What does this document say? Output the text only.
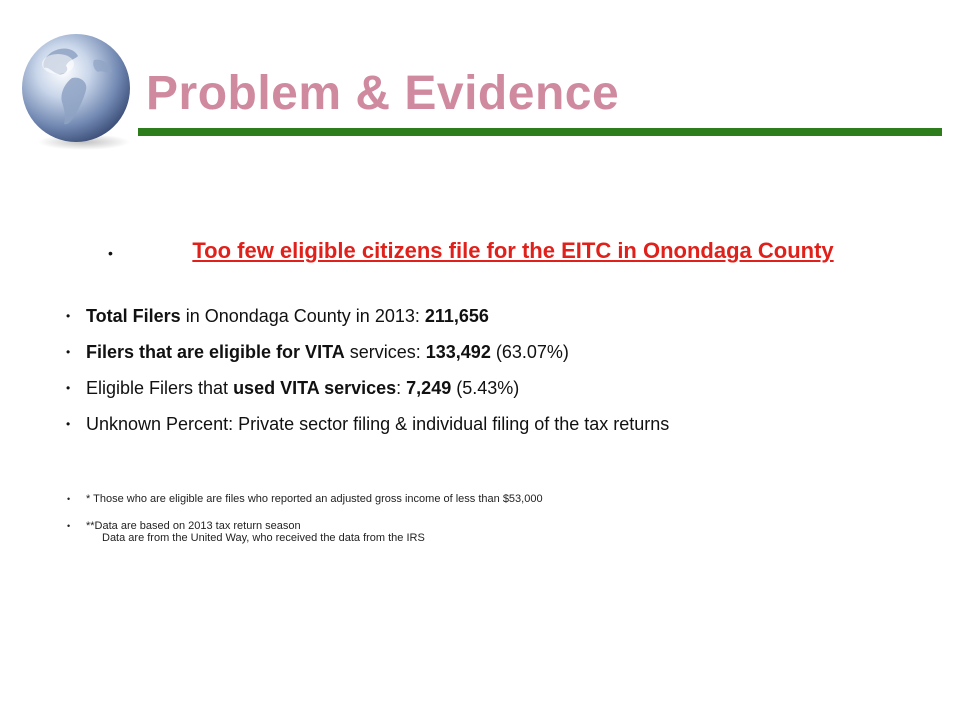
Problem & Evidence
•	Too few eligible citizens file for the EITC in Onondaga County
• Total Filers in Onondaga County in 2013: 211,656
• Filers that are eligible for VITA services: 133,492 (63.07%)
• Eligible Filers that used VITA services: 7,249 (5.43%)
• Unknown Percent: Private sector filing & individual filing of the tax returns
• * Those who are eligible are files who reported an adjusted gross income of less than $53,000
• **Data are based on 2013 tax return season
Data are from the United Way, who received the data from the IRS
